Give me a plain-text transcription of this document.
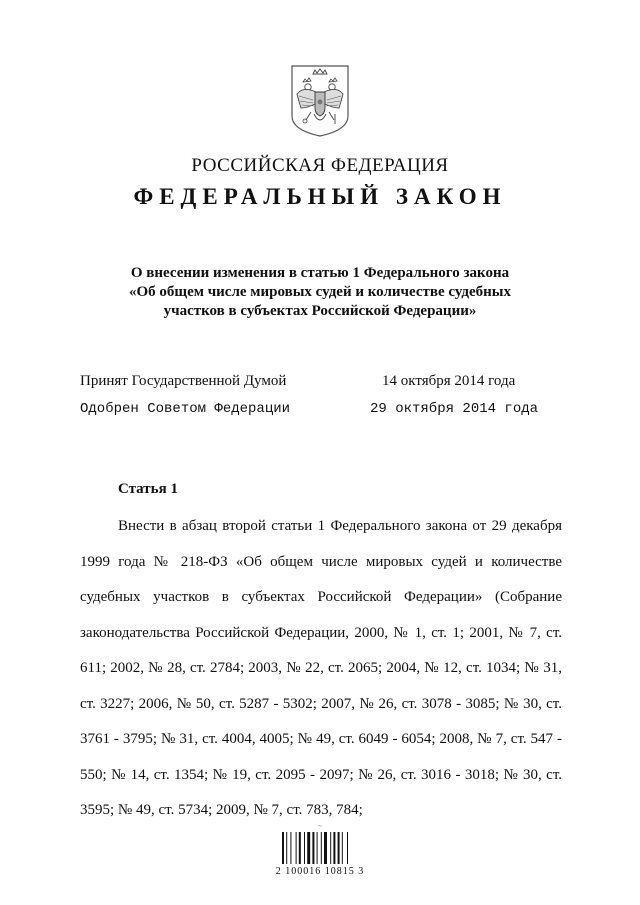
РОССИЙСКАЯ ФЕДЕРАЦИЯ
ФЕДЕРАЛЬНЫЙ ЗАКОН
О внесении изменения в статью 1 Федерального закона
«Об общем числе мировых судей и количестве судебных
участков в субъектах Российской Федерации»
Принят Государственной Думой	14 октября 2014 года
Одобрен Советом Федерации	29 октября 2014 года
Статья 1

Внести в абзац второй статьи 1 Федерального закона от 29 декабря 1999 года № 218-ФЗ «Об общем числе мировых судей и количестве судебных участков в субъектах Российской Федерации» (Собрание законодательства Российской Федерации, 2000, № 1, ст. 1; 2001, № 7, ст. 611; 2002, № 28, ст. 2784; 2003, № 22, ст. 2065; 2004, № 12, ст. 1034; № 31, ст. 3227; 2006, № 50, ст. 5287 - 5302; 2007, № 26, ст. 3078 - 3085; № 30, ст. 3761 - 3795; № 31, ст. 4004, 4005; № 49, ст. 6049 - 6054; 2008, № 7, ст. 547 - 550; № 14, ст. 1354; № 19, ст. 2095 - 2097; № 26, ст. 3016 - 3018; № 30, ст. 3595; № 49, ст. 5734; 2009, № 7, ст. 783, 784;

~
2 100016 10815 3
